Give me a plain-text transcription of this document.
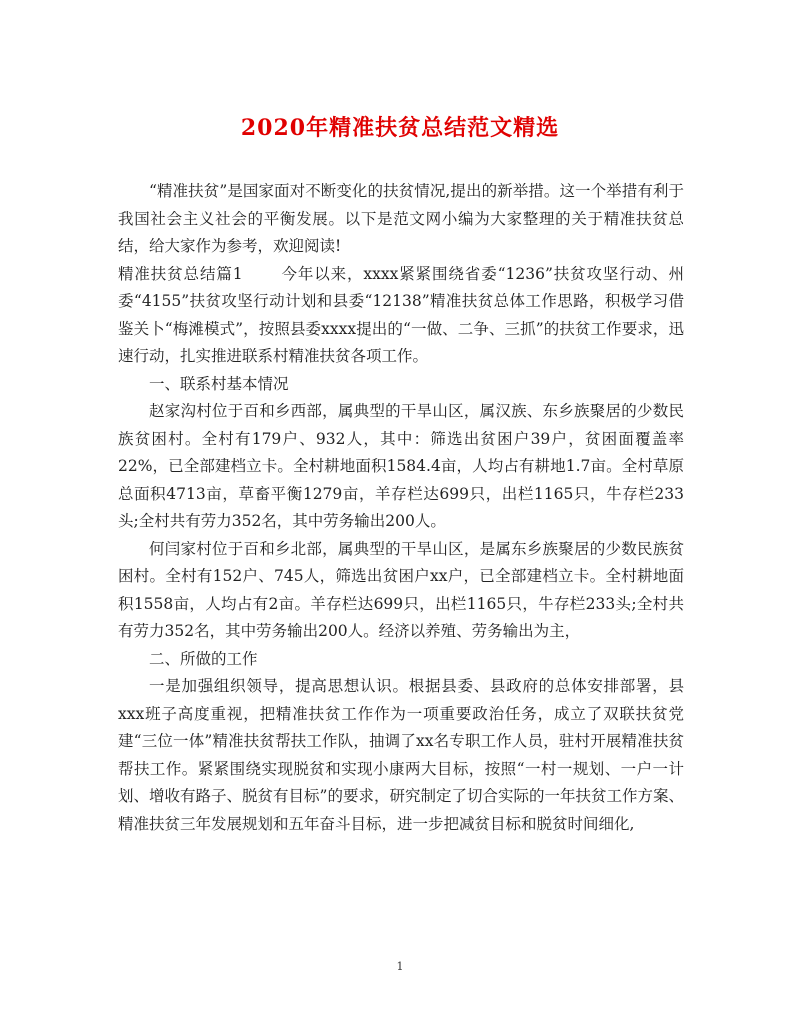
2020年精准扶贫总结范文精选

“精准扶贫”是国家面对不断变化的扶贫情况,提出的新举措。这一个举措有利于我国社会主义社会的平衡发展。以下是范文网小编为大家整理的关于精准扶贫总结，给大家作为参考，欢迎阅读!

精准扶贫总结篇1 今年以来，xxxx紧紧围绕省委“1236”扶贫攻坚行动、州委“4155”扶贫攻坚行动计划和县委“12138”精准扶贫总体工作思路，积极学习借鉴关卜“梅滩模式”，按照县委xxxx提出的“一做、二争、三抓”的扶贫工作要求，迅速行动，扎实推进联系村精准扶贫各项工作。

一、联系村基本情况

赵家沟村位于百和乡西部，属典型的干旱山区，属汉族、东乡族聚居的少数民族贫困村。全村有179户、932人，其中：筛选出贫困户39户，贫困面覆盖率22%，已全部建档立卡。全村耕地面积1584.4亩，人均占有耕地1.7亩。全村草原总面积4713亩，草畜平衡1279亩，羊存栏达699只，出栏1165只，牛存栏233头;全村共有劳力352名，其中劳务输出200人。

何闫家村位于百和乡北部，属典型的干旱山区，是属东乡族聚居的少数民族贫困村。全村有152户、745人，筛选出贫困户xx户，已全部建档立卡。全村耕地面积1558亩，人均占有2亩。羊存栏达699只，出栏1165只，牛存栏233头;全村共有劳力352名，其中劳务输出200人。经济以养殖、劳务输出为主，

二、所做的工作

一是加强组织领导，提高思想认识。根据县委、县政府的总体安排部署，县xxx班子高度重视，把精准扶贫工作作为一项重要政治任务，成立了双联扶贫党建“三位一体”精准扶贫帮扶工作队，抽调了xx名专职工作人员，驻村开展精准扶贫帮扶工作。紧紧围绕实现脱贫和实现小康两大目标，按照“一村一规划、一户一计划、增收有路子、脱贫有目标”的要求，研究制定了切合实际的一年扶贫工作方案、精准扶贫三年发展规划和五年奋斗目标，进一步把减贫目标和脱贫时间细化,

1
